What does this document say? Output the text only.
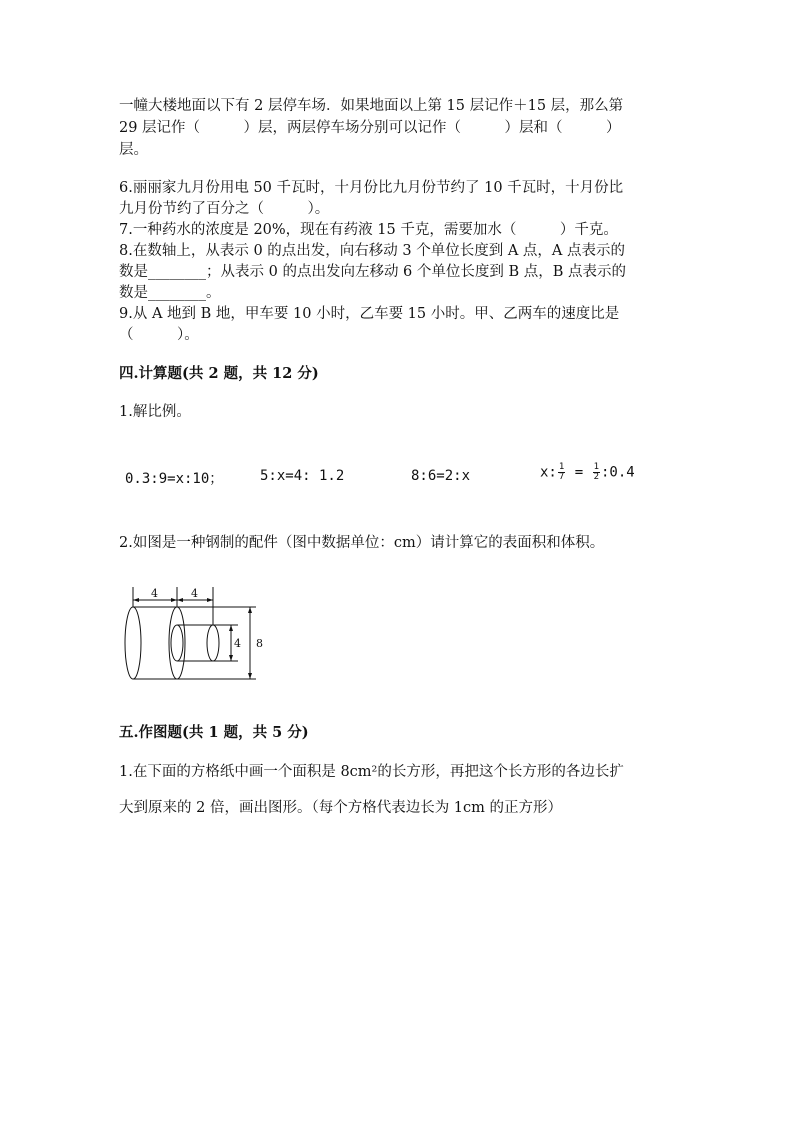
一幢大楼地面以下有 2 层停车场．如果地面以上第 15 层记作＋15 层，那么第
29 层记作（　　　）层，两层停车场分别可以记作（　　　）层和（　　　）
层。
6.丽丽家九月份用电 50 千瓦时，十月份比九月份节约了 10 千瓦时，十月份比
九月份节约了百分之（　　　）。
7.一种药水的浓度是 20%，现在有药液 15 千克，需要加水（　　　）千克。
8.在数轴上，从表示 0 的点出发，向右移动 3 个单位长度到 A 点，A 点表示的
数是________；从表示 0 的点出发向左移动 6 个单位长度到 B 点，B 点表示的
数是________。
9.从 A 地到 B 地，甲车要 10 小时，乙车要 15 小时。甲、乙两车的速度比是
（　　　）。
四.计算题(共 2 题，共 12 分)
1.解比例。
0.3:9=x:10；	5:x=4: 1.2	8:6=2:x	x: $\frac{1}{7} = \frac{1}{2}$ :0.4
2.如图是一种钢制的配件（图中数据单位：cm）请计算它的表面积和体积。
4	4
4 8
五.作图题(共 1 题，共 5 分)
1.在下面的方格纸中画一个面积是 8cm²的长方形，再把这个长方形的各边长扩
大到原来的 2 倍，画出图形。（每个方格代表边长为 1cm 的正方形）
